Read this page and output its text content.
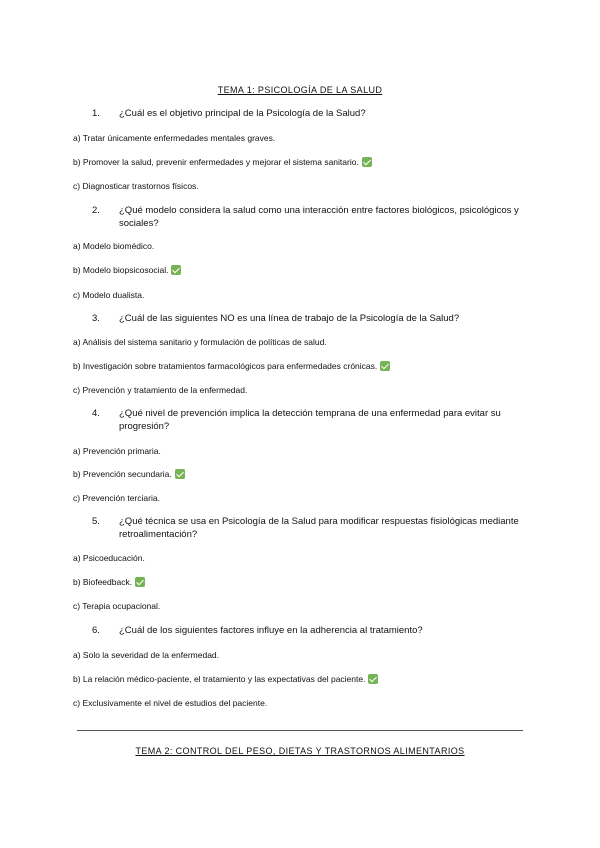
TEMA 1: PSICOLOGÍA DE LA SALUD
1.	¿Cuál es el objetivo principal de la Psicología de la Salud?
a) Tratar únicamente enfermedades mentales graves.
b) Promover la salud, prevenir enfermedades y mejorar el sistema sanitario.
c) Diagnosticar trastornos físicos.
2.	¿Qué modelo considera la salud como una interacción entre factores biológicos, psicológicos y sociales?
a) Modelo biomédico.
b) Modelo biopsicosocial.
c) Modelo dualista.
3.	¿Cuál de las siguientes NO es una línea de trabajo de la Psicología de la Salud?
a) Análisis del sistema sanitario y formulación de políticas de salud.
b) Investigación sobre tratamientos farmacológicos para enfermedades crónicas.
c) Prevención y tratamiento de la enfermedad.
4.	¿Qué nivel de prevención implica la detección temprana de una enfermedad para evitar su progresión?
a) Prevención primaria.
b) Prevención secundaria.
c) Prevención terciaria.
5.	¿Qué técnica se usa en Psicología de la Salud para modificar respuestas fisiológicas mediante retroalimentación?
a) Psicoeducación.
b) Biofeedback.
c) Terapia ocupacional.
6.	¿Cuál de los siguientes factores influye en la adherencia al tratamiento?
a) Solo la severidad de la enfermedad.
b) La relación médico-paciente, el tratamiento y las expectativas del paciente.
c) Exclusivamente el nivel de estudios del paciente.
TEMA 2: CONTROL DEL PESO, DIETAS Y TRASTORNOS ALIMENTARIOS
